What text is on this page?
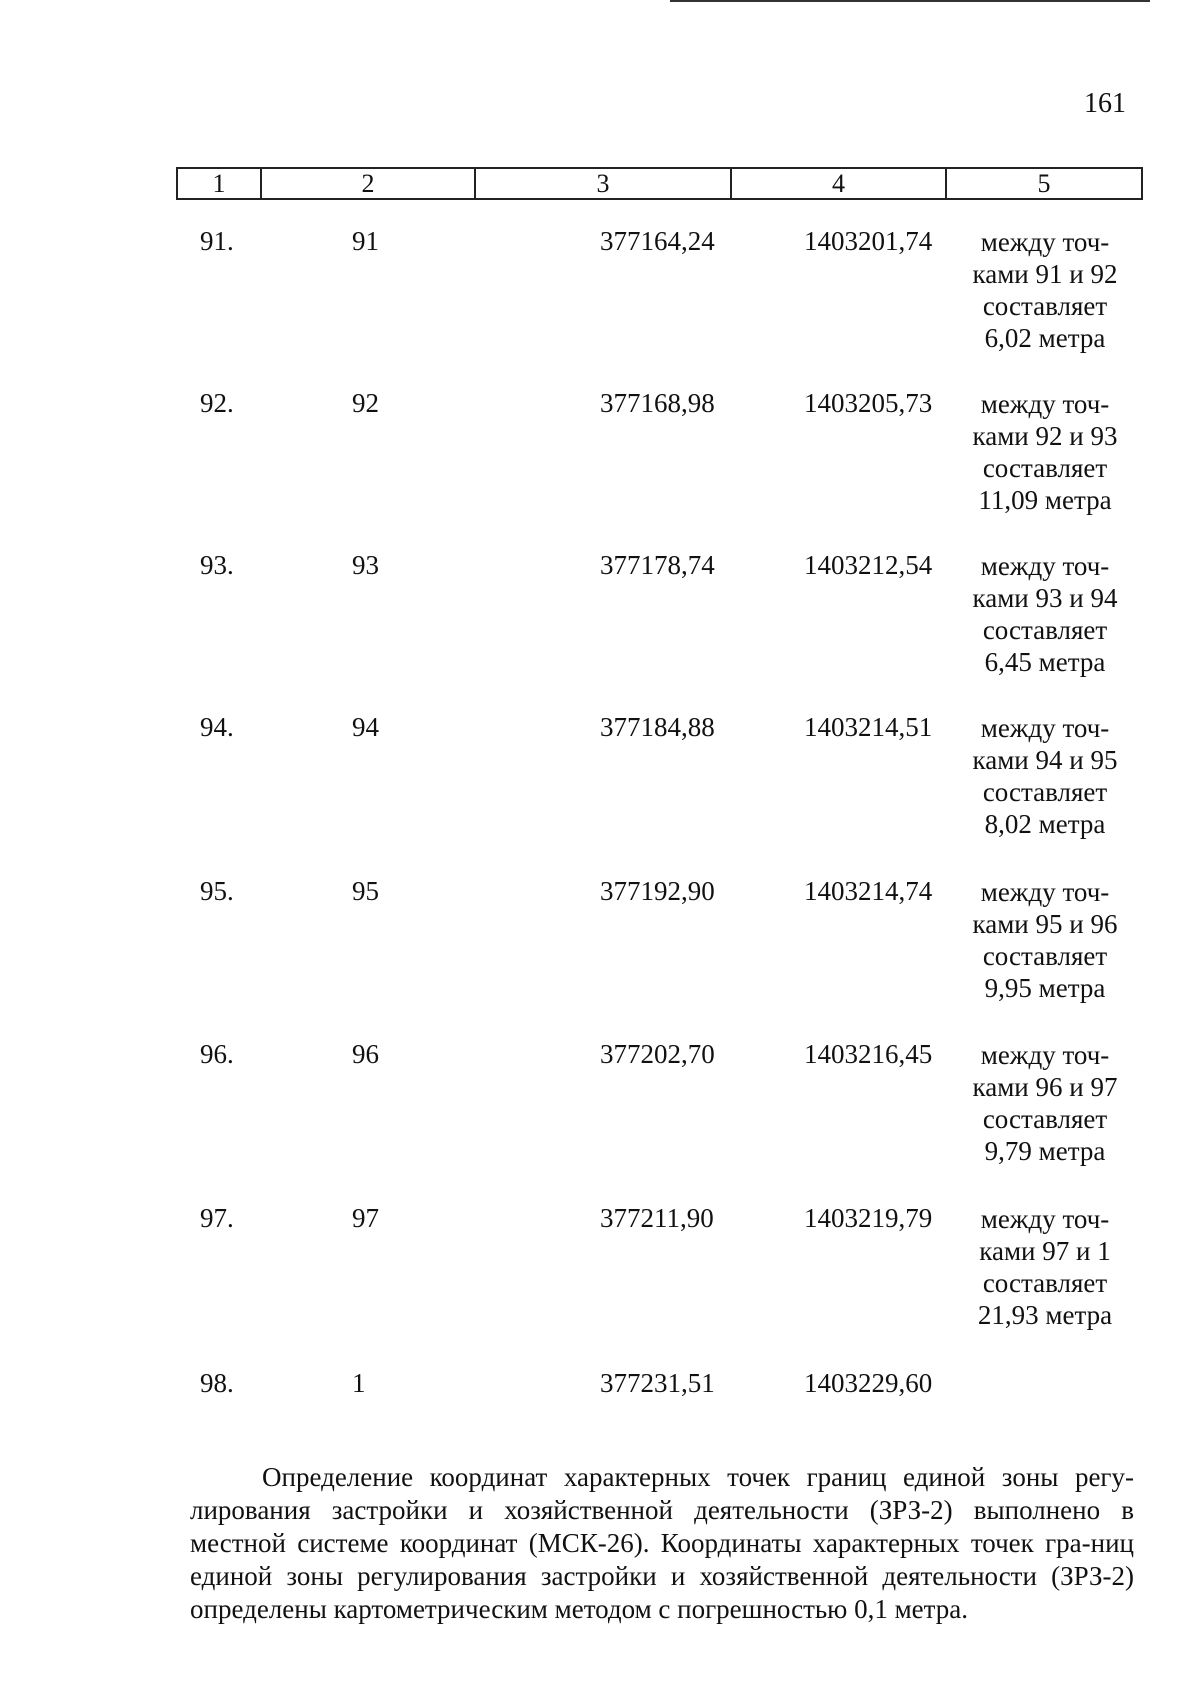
161
1	2	3	4	5
91.	91	377164,24	1403201,74	между точ-
ками 91 и 92
составляет
6,02 метра
92.	92	377168,98	1403205,73	между точ-
ками 92 и 93
составляет
11,09 метра
93.	93	377178,74	1403212,54	между точ-
ками 93 и 94
составляет
6,45 метра
94.	94	377184,88	1403214,51	между точ-
ками 94 и 95
составляет
8,02 метра
95.	95	377192,90	1403214,74	между точ-
ками 95 и 96
составляет
9,95 метра
96.	96	377202,70	1403216,45	между точ-
ками 96 и 97
составляет
9,79 метра
97.	97	377211,90	1403219,79	между точ-
ками 97 и 1
составляет
21,93 метра
98.	1	377231,51	1403229,60

Определение координат характерных точек границ единой зоны регу-лирования застройки и хозяйственной деятельности (ЗРЗ-2) выполнено в местной системе координат (МСК-26). Координаты характерных точек гра-ниц единой зоны регулирования застройки и хозяйственной деятельности (ЗРЗ-2) определены картометрическим методом с погрешностью 0,1 метра.
